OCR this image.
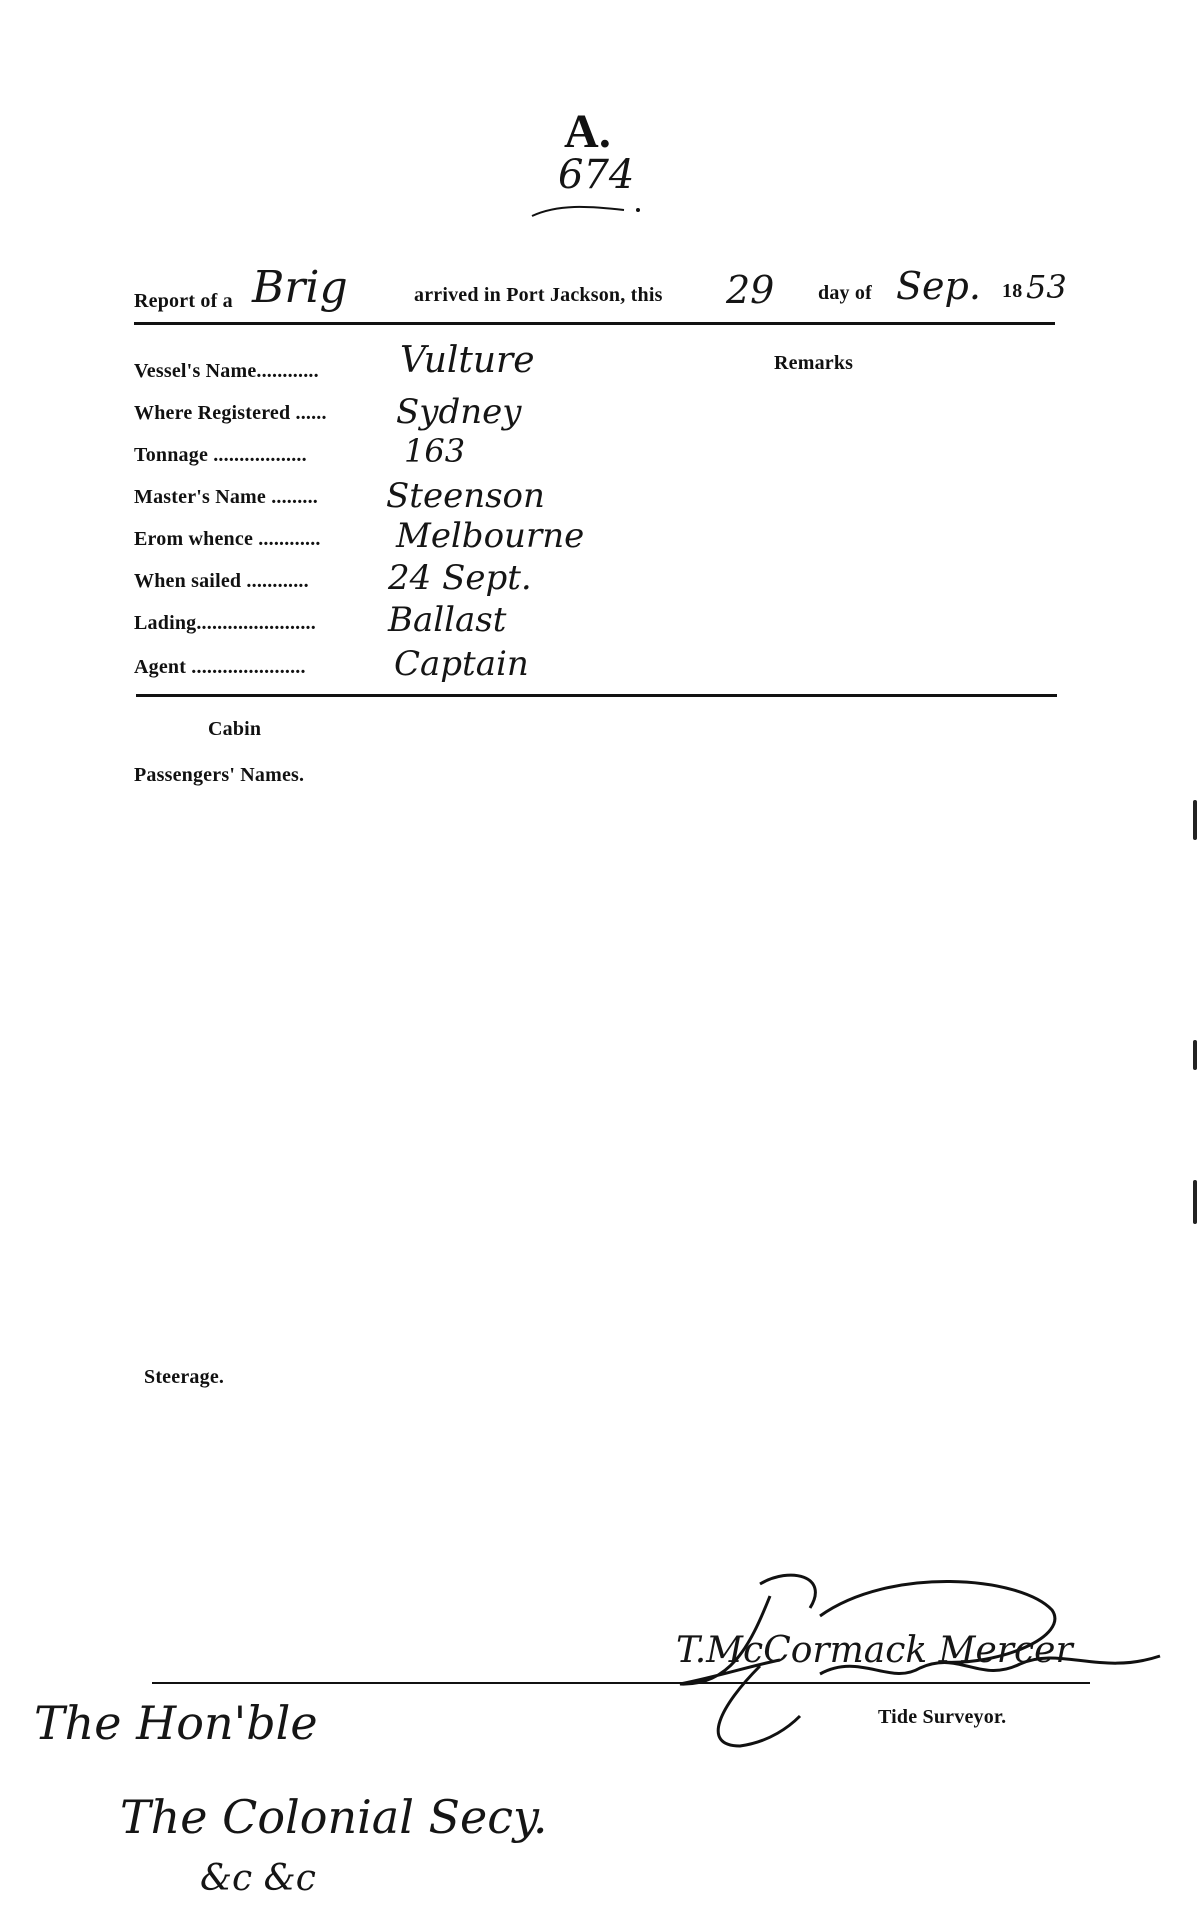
A.
674
Report of a Brig	arrived in Port Jackson, this 29 day of Sep. 18 53
Remarks
Vessel's Name............ Vulture
Where Registered ...... Sydney
Tonnage ..................	163
Master's Name ......... Steenson
Erom whence ............ Melbourne
When sailed ............ 24 Sept.
Lading....................... Ballast
Agent ......................	Captain
Cabin
Passengers' Names.
Steerage.
T.McCormack Mercer
Tide Surveyor.
The Hon'ble
The Colonial Secy.
&c &c
